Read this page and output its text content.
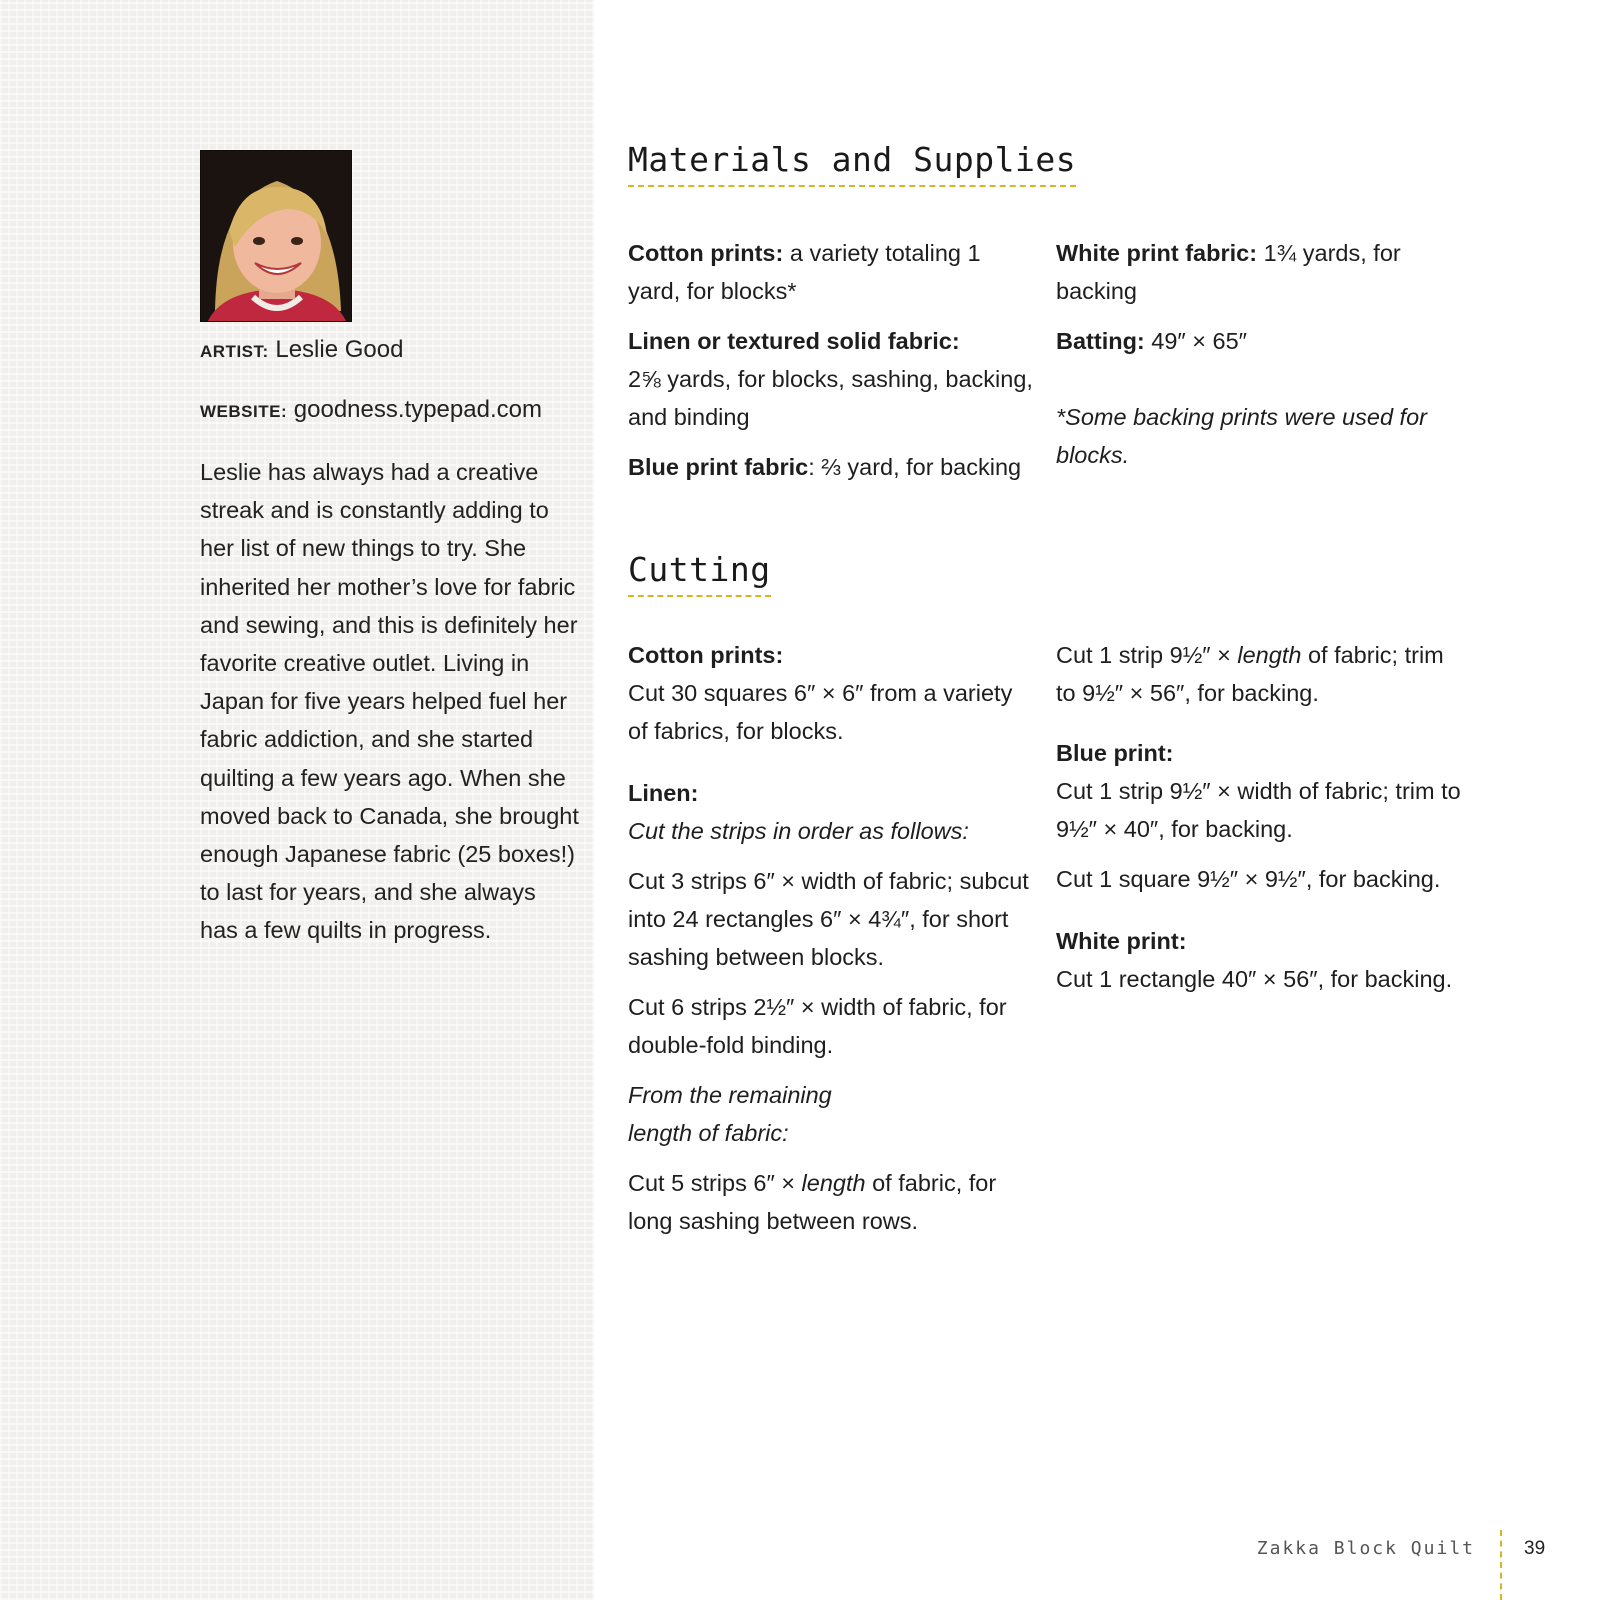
ARTIST: Leslie Good
WEBSITE: goodness.typepad.com

Leslie has always had a creative streak and is constantly adding to her list of new things to try. She inherited her mother’s love for fabric and sewing, and this is definitely her favorite creative outlet. Living in Japan for five years helped fuel her fabric addiction, and she started quilting a few years ago. When she moved back to Canada, she brought enough Japanese fabric (25 boxes!) to last for years, and she always has a few quilts in progress.

Materials and Supplies

Cotton prints: a variety totaling 1 yard, for blocks*

Linen or textured solid fabric:
2⅝ yards, for blocks, sashing, backing, and binding

Blue print fabric: ⅔ yard, for backing

White print fabric: 1¾ yards, for backing

Batting: 49″ × 65″

*Some backing prints were used for blocks.

Cutting

Cotton prints:
Cut 30 squares 6″ × 6″ from a variety of fabrics, for blocks.

Linen:
Cut the strips in order as follows:

Cut 3 strips 6″ × width of fabric; subcut into 24 rectangles 6″ × 4¾″, for short sashing between blocks.

Cut 6 strips 2½″ × width of fabric, for double-fold binding.

From the remaining
length of fabric:

Cut 5 strips 6″ × length of fabric, for long sashing between rows.

Cut 1 strip 9½″ × length of fabric; trim to 9½″ × 56″, for backing.

Blue print:
Cut 1 strip 9½″ × width of fabric; trim to 9½″ × 40″, for backing.

Cut 1 square 9½″ × 9½″, for backing.

White print:
Cut 1 rectangle 40″ × 56″, for backing.

Zakka Block Quilt	39
